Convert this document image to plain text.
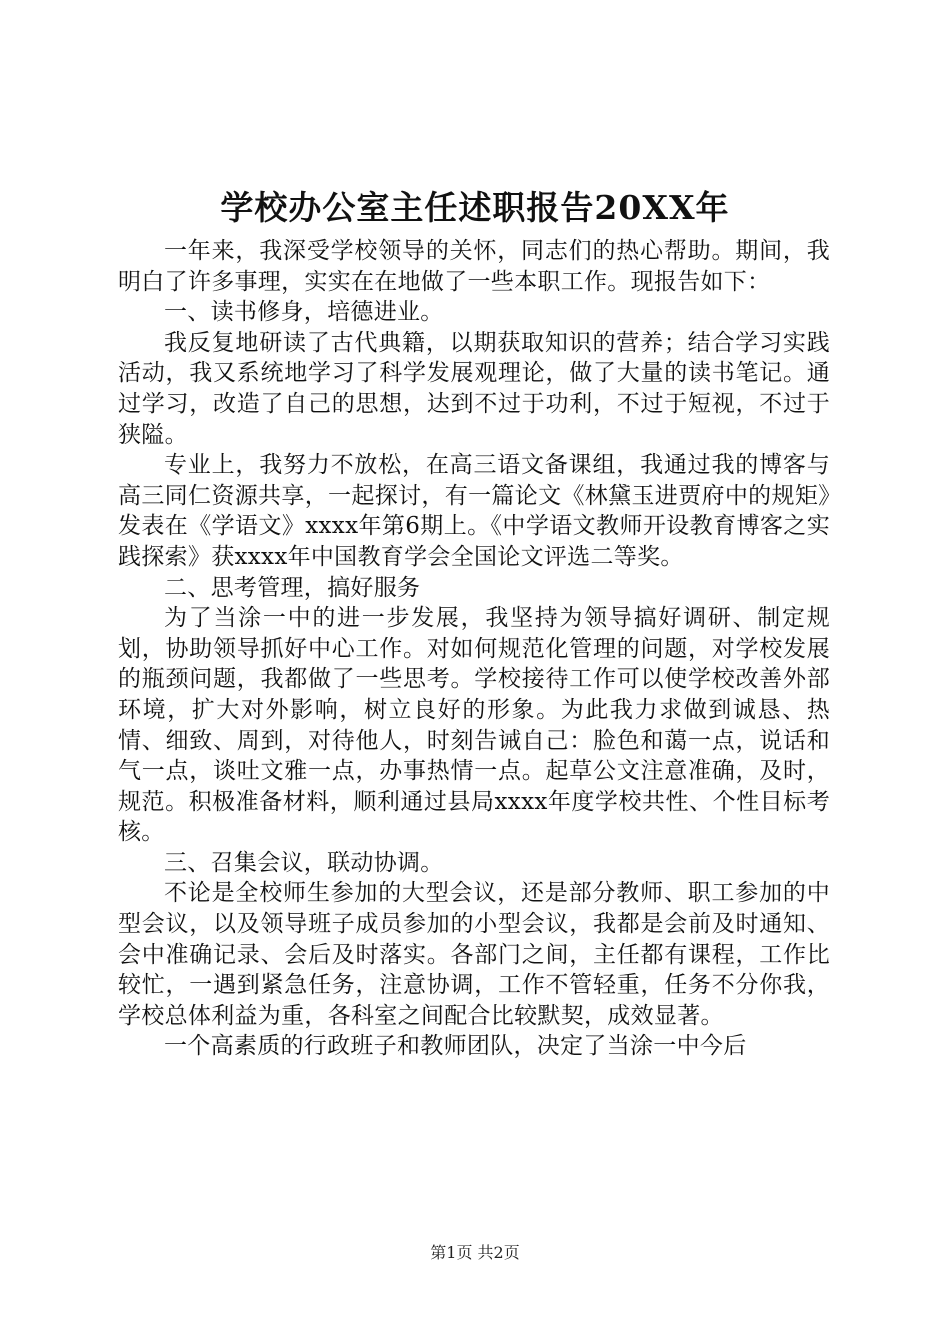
学校办公室主任述职报告20XX年

一年来，我深受学校领导的关怀，同志们的热心帮助。期间，我明白了许多事理，实实在在地做了一些本职工作。现报告如下：

一、读书修身，培德进业。

我反复地研读了古代典籍，以期获取知识的营养；结合学习实践活动，我又系统地学习了科学发展观理论，做了大量的读书笔记。通过学习，改造了自己的思想，达到不过于功利，不过于短视，不过于狭隘。

专业上，我努力不放松，在高三语文备课组，我通过我的博客与高三同仁资源共享，一起探讨，有一篇论文《林黛玉进贾府中的规矩》发表在《学语文》xxxx年第6期上。《中学语文教师开设教育博客之实践探索》获xxxx年中国教育学会全国论文评选二等奖。

二、思考管理，搞好服务

为了当涂一中的进一步发展，我坚持为领导搞好调研、制定规划，协助领导抓好中心工作。对如何规范化管理的问题，对学校发展的瓶颈问题，我都做了一些思考。学校接待工作可以使学校改善外部环境，扩大对外影响，树立良好的形象。为此我力求做到诚恳、热情、细致、周到，对待他人，时刻告诫自己：脸色和蔼一点，说话和气一点，谈吐文雅一点，办事热情一点。起草公文注意准确，及时，规范。积极准备材料，顺利通过县局xxxx年度学校共性、个性目标考核。

三、召集会议，联动协调。

不论是全校师生参加的大型会议，还是部分教师、职工参加的中型会议，以及领导班子成员参加的小型会议，我都是会前及时通知、会中准确记录、会后及时落实。各部门之间，主任都有课程，工作比较忙，一遇到紧急任务，注意协调，工作不管轻重，任务不分你我，学校总体利益为重，各科室之间配合比较默契，成效显著。

一个高素质的行政班子和教师团队，决定了当涂一中今后

第1页 共2页
